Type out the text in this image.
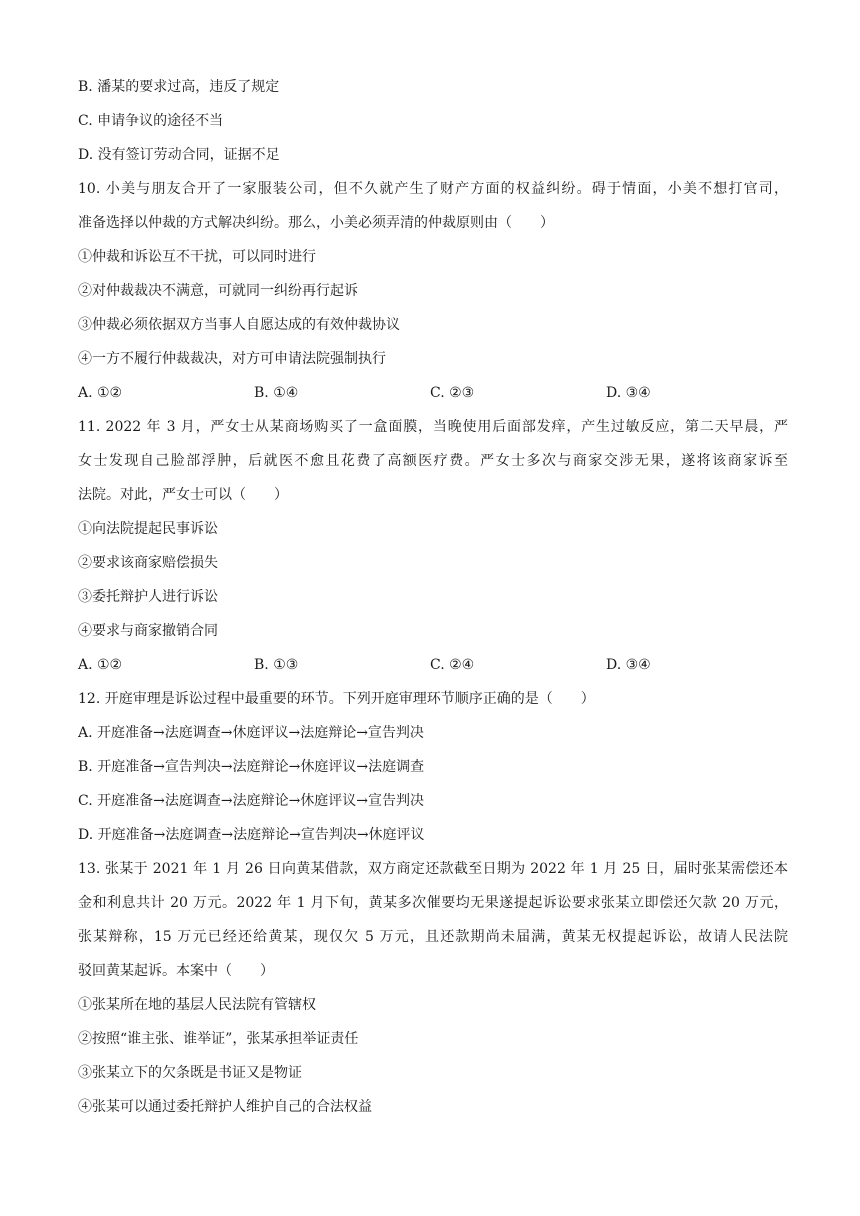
B. 潘某的要求过高，违反了规定
C. 申请争议的途径不当
D. 没有签订劳动合同，证据不足
10. 小美与朋友合开了一家服装公司，但不久就产生了财产方面的权益纠纷。碍于情面，小美不想打官司，
准备选择以仲裁的方式解决纠纷。那么，小美必须弄清的仲裁原则由（　　）
①仲裁和诉讼互不干扰，可以同时进行
②对仲裁裁决不满意，可就同一纠纷再行起诉
③仲裁必须依据双方当事人自愿达成的有效仲裁协议
④一方不履行仲裁裁决，对方可申请法院强制执行
A. ①②	B. ①④	C. ②③	D. ③④
11. 2022 年 3 月，严女士从某商场购买了一盒面膜，当晚使用后面部发痒，产生过敏反应，第二天早晨，严
女士发现自己脸部浮肿，后就医不愈且花费了高额医疗费。严女士多次与商家交涉无果，遂将该商家诉至
法院。对此，严女士可以（　　）
①向法院提起民事诉讼
②要求该商家赔偿损失
③委托辩护人进行诉讼
④要求与商家撤销合同
A. ①②	B. ①③	C. ②④	D. ③④
12. 开庭审理是诉讼过程中最重要的环节。下列开庭审理环节顺序正确的是（　　）
A. 开庭准备→法庭调查→休庭评议→法庭辩论→宣告判决
B. 开庭准备→宣告判决→法庭辩论→休庭评议→法庭调查
C. 开庭准备→法庭调查→法庭辩论→休庭评议→宣告判决
D. 开庭准备→法庭调查→法庭辩论→宣告判决→休庭评议
13. 张某于 2021 年 1 月 26 日向黄某借款，双方商定还款截至日期为 2022 年 1 月 25 日，届时张某需偿还本
金和利息共计 20 万元。2022 年 1 月下旬，黄某多次催要均无果遂提起诉讼要求张某立即偿还欠款 20 万元，
张某辩称，15 万元已经还给黄某，现仅欠 5 万元，且还款期尚未届满，黄某无权提起诉讼，故请人民法院
驳回黄某起诉。本案中（　　）
①张某所在地的基层人民法院有管辖权
②按照“谁主张、谁举证”，张某承担举证责任
③张某立下的欠条既是书证又是物证
④张某可以通过委托辩护人维护自己的合法权益
